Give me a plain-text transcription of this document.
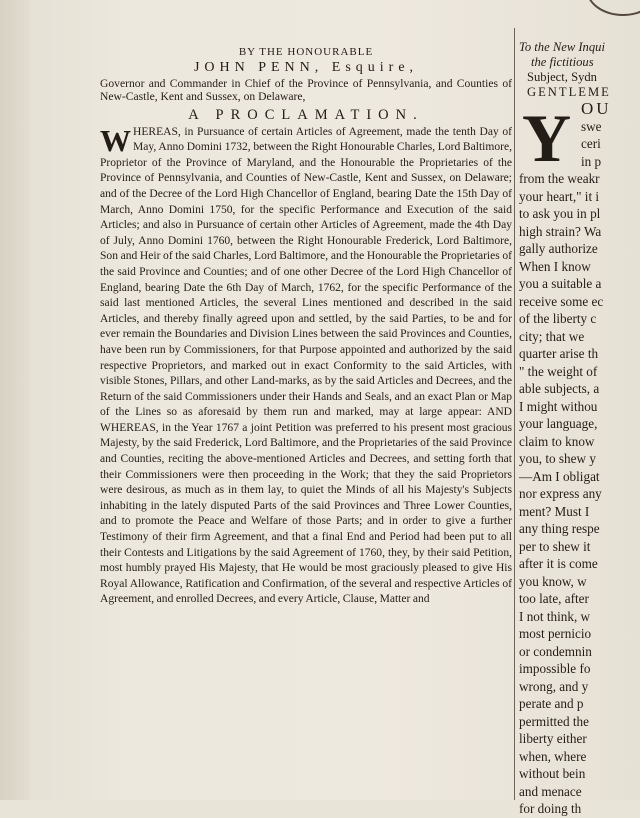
BY THE HONOURABLE

JOHN PENN, Esquire,

Governor and Commander in Chief of the Province of Pennsylvania, and Counties of New-Castle, Kent and Sussex, on Delaware,

A PROCLAMATION.

W HEREAS, in Pursuance of certain Articles of Agreement, made the tenth Day of May, Anno Domini 1732, between the Right Honourable Charles, Lord Baltimore, Proprietor of the Province of Maryland, and the Honourable the Proprietaries of the Province of Pennsylvania, and Counties of New-Castle, Kent and Sussex, on Delaware; and of the Decree of the Lord High Chancellor of England, bearing Date the 15th Day of March, Anno Domini 1750, for the specific Performance and Execution of the said Articles; and also in Pursuance of certain other Articles of Agreement, made the 4th Day of July, Anno Domini 1760, between the Right Honourable Frederick, Lord Baltimore, Son and Heir of the said Charles, Lord Baltimore, and the Honourable the Proprietaries of the said Province and Counties; and of one other Decree of the Lord High Chancellor of England, bearing Date the 6th Day of March, 1762, for the specific Performance of the said last mentioned Articles, the several Lines mentioned and described in the said Articles, and thereby finally agreed upon and settled, by the said Parties, to be and for ever remain the Boundaries and Division Lines between the said Provinces and Counties, have been run by Commissioners, for that Purpose appointed and authorized by the said respective Proprietors, and marked out in exact Conformity to the said Articles, with visible Stones, Pillars, and other Land-marks, as by the said Articles and Decrees, and the Return of the said Commissioners under their Hands and Seals, and an exact Plan or Map of the Lines so as aforesaid by them run and marked, may at large appear: AND WHEREAS, in the Year 1767 a joint Petition was preferred to his present most gracious Majesty, by the said Frederick, Lord Baltimore, and the Proprietaries of the said Province and Counties, reciting the above-mentioned Articles and Decrees, and setting forth that their Commissioners were then proceeding in the Work; that they the said Proprietors were desirous, as much as in them lay, to quiet the Minds of all his Majesty's Subjects inhabiting in the lately disputed Parts of the said Provinces and Three Lower Counties, and to promote the Peace and Welfare of those Parts; and in order to give a further Testimony of their firm Agreement, and that a final End and Period had been put to all their Contests and Litigations by the said Agreement of 1760, they, by their said Petition, most humbly prayed His Majesty, that He would be most graciously pleased to give His Royal Allowance, Ratification and Confirmation, of the several and respective Articles of Agreement, and enrolled Decrees, and every Article, Clause, Matter and

Y

To the New Inqui

the fictitious

Subject, Sydn

GENTLEME

OU

swe

ceri

in p

from the weakr

your heart," it i

to ask you in pl

high strain? Wa

gally authorize

When I know

you a suitable a

receive some ec

of the liberty c

city; that we

quarter arise th

" the weight of

able subjects, a

I might withou

your language,

claim to know

you, to shew y

—Am I obligat

nor express any

ment? Must I

any thing respe

per to shew it

after it is come

you know, w

too late, after

I not think, w

most pernicio

or condemnin

impossible fo

wrong, and y

perate and p

permitted the

liberty either

when, where

without bein

and menace

for doing th
